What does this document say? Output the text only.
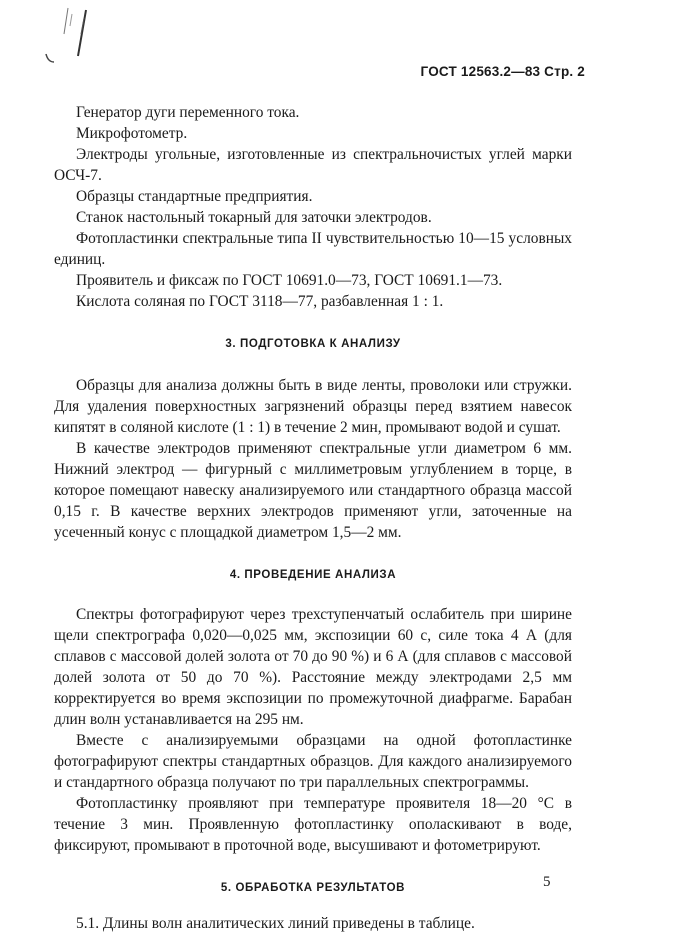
ГОСТ 12563.2—83 Стр. 2

Генератор дуги переменного тока.

Микрофотометр.

Электроды угольные, изготовленные из спектральночистых углей марки ОСЧ-7.

Образцы стандартные предприятия.

Станок настольный токарный для заточки электродов.

Фотопластинки спектральные типа II чувствительностью 10—15 условных единиц.

Проявитель и фиксаж по ГОСТ 10691.0—73, ГОСТ 10691.1—73.

Кислота соляная по ГОСТ 3118—77, разбавленная 1 : 1.

3. ПОДГОТОВКА К АНАЛИЗУ

Образцы для анализа должны быть в виде ленты, проволоки или стружки. Для удаления поверхностных загрязнений образцы перед взятием навесок кипятят в соляной кислоте (1 : 1) в течение 2 мин, промывают водой и сушат.

В качестве электродов применяют спектральные угли диаметром 6 мм. Нижний электрод — фигурный с миллиметровым углублением в торце, в которое помещают навеску анализируемого или стандартного образца массой 0,15 г. В качестве верхних электродов применяют угли, заточенные на усеченный конус с площадкой диаметром 1,5—2 мм.

4. ПРОВЕДЕНИЕ АНАЛИЗА

Спектры фотографируют через трехступенчатый ослабитель при ширине щели спектрографа 0,020—0,025 мм, экспозиции 60 с, силе тока 4 А (для сплавов с массовой долей золота от 70 до 90 %) и 6 А (для сплавов с массовой долей золота от 50 до 70 %). Расстояние между электродами 2,5 мм корректируется во время экспозиции по промежуточной диафрагме. Барабан длин волн устанавливается на 295 нм.

Вместе с анализируемыми образцами на одной фотопластинке фотографируют спектры стандартных образцов. Для каждого анализируемого и стандартного образца получают по три параллельных спектрограммы.

Фотопластинку проявляют при температуре проявителя 18—20 °С в течение 3 мин. Проявленную фотопластинку ополаскивают в воде, фиксируют, промывают в проточной воде, высушивают и фотометрируют.

5. ОБРАБОТКА РЕЗУЛЬТАТОВ

5.1. Длины волн аналитических линий приведены в таблице.

5
